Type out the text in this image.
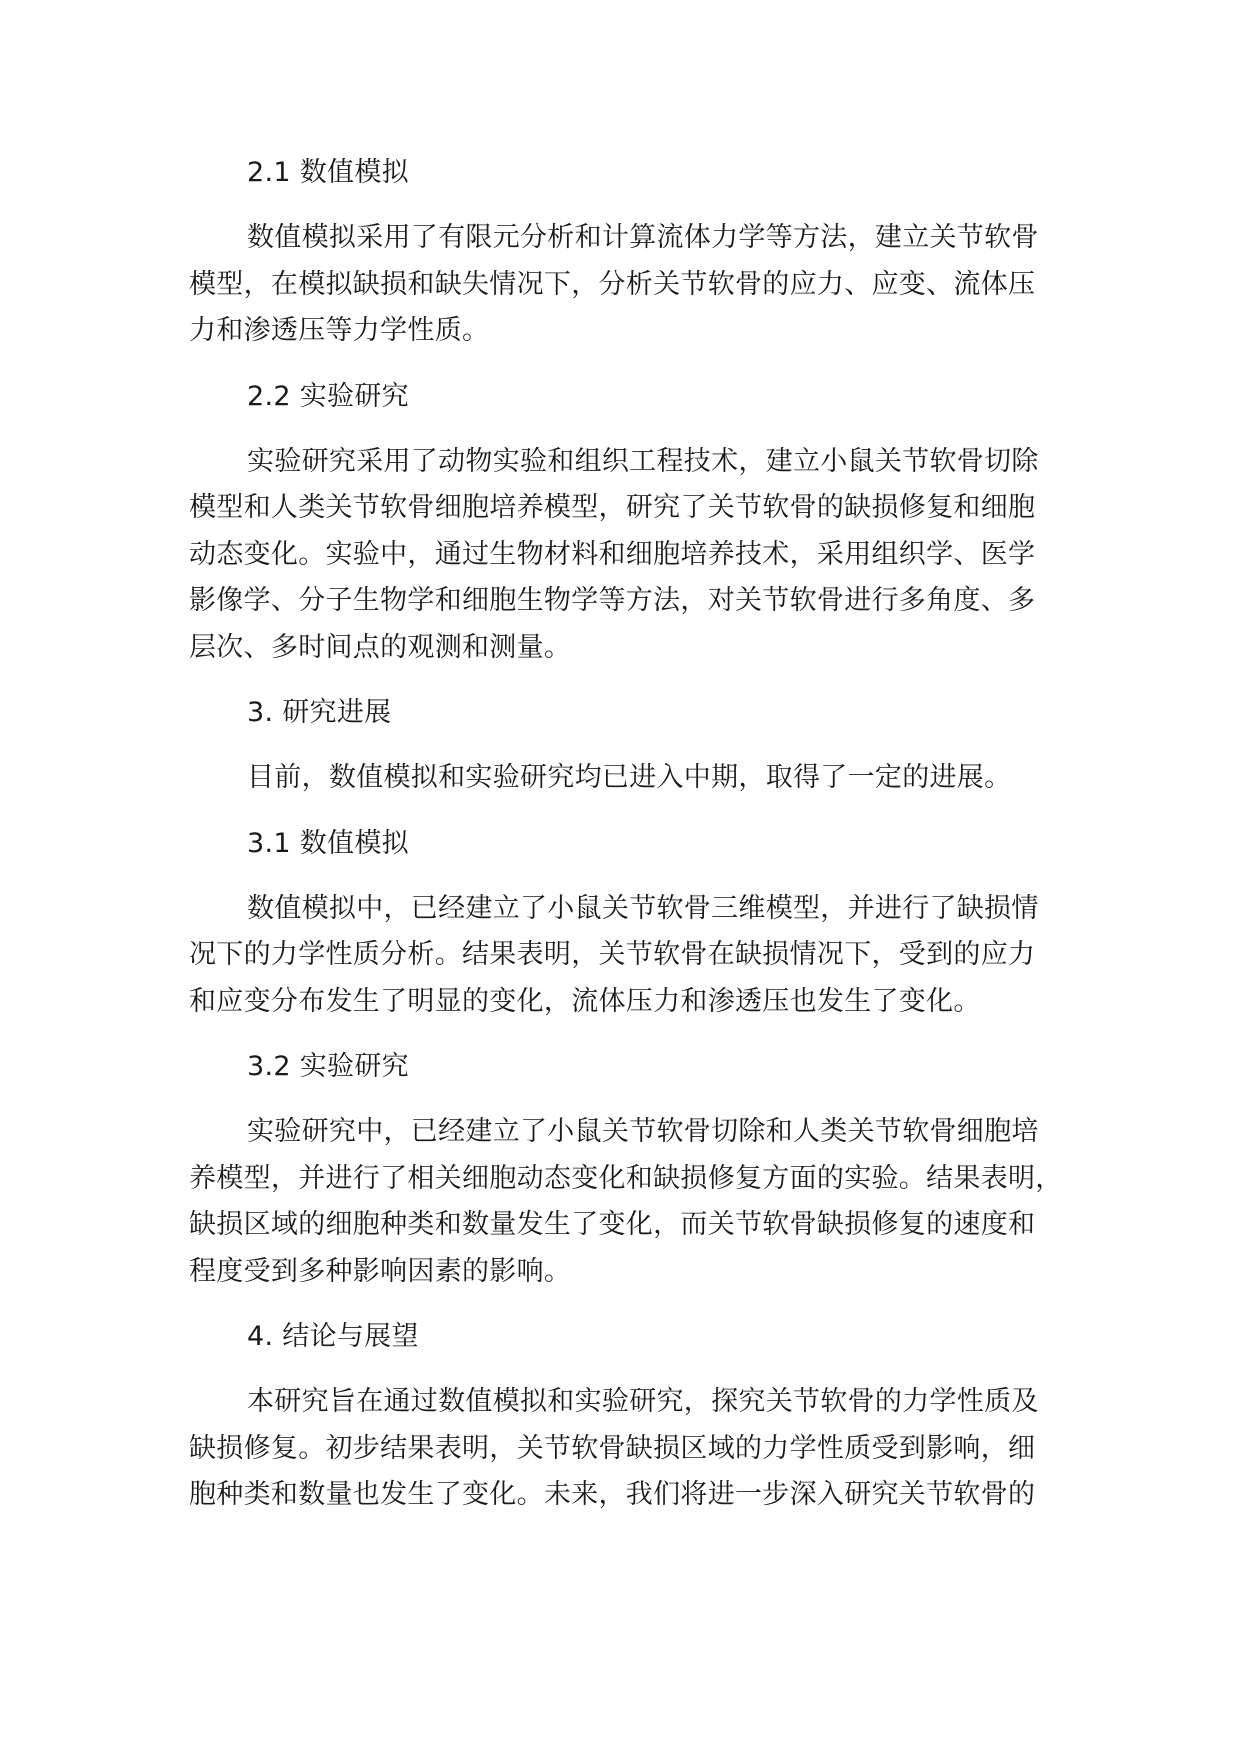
2.1 数值模拟

数值模拟采用了有限元分析和计算流体力学等方法，建立关节软骨
模型，在模拟缺损和缺失情况下，分析关节软骨的应力、应变、流体压
力和渗透压等力学性质。

2.2 实验研究

实验研究采用了动物实验和组织工程技术，建立小鼠关节软骨切除
模型和人类关节软骨细胞培养模型，研究了关节软骨的缺损修复和细胞
动态变化。实验中，通过生物材料和细胞培养技术，采用组织学、医学
影像学、分子生物学和细胞生物学等方法，对关节软骨进行多角度、多
层次、多时间点的观测和测量。

3. 研究进展

目前，数值模拟和实验研究均已进入中期，取得了一定的进展。

3.1 数值模拟

数值模拟中，已经建立了小鼠关节软骨三维模型，并进行了缺损情
况下的力学性质分析。结果表明，关节软骨在缺损情况下，受到的应力
和应变分布发生了明显的变化，流体压力和渗透压也发生了变化。

3.2 实验研究

实验研究中，已经建立了小鼠关节软骨切除和人类关节软骨细胞培
养模型，并进行了相关细胞动态变化和缺损修复方面的实验。结果表明，
缺损区域的细胞种类和数量发生了变化，而关节软骨缺损修复的速度和
程度受到多种影响因素的影响。

4. 结论与展望

本研究旨在通过数值模拟和实验研究，探究关节软骨的力学性质及
缺损修复。初步结果表明，关节软骨缺损区域的力学性质受到影响，细
胞种类和数量也发生了变化。未来，我们将进一步深入研究关节软骨的
